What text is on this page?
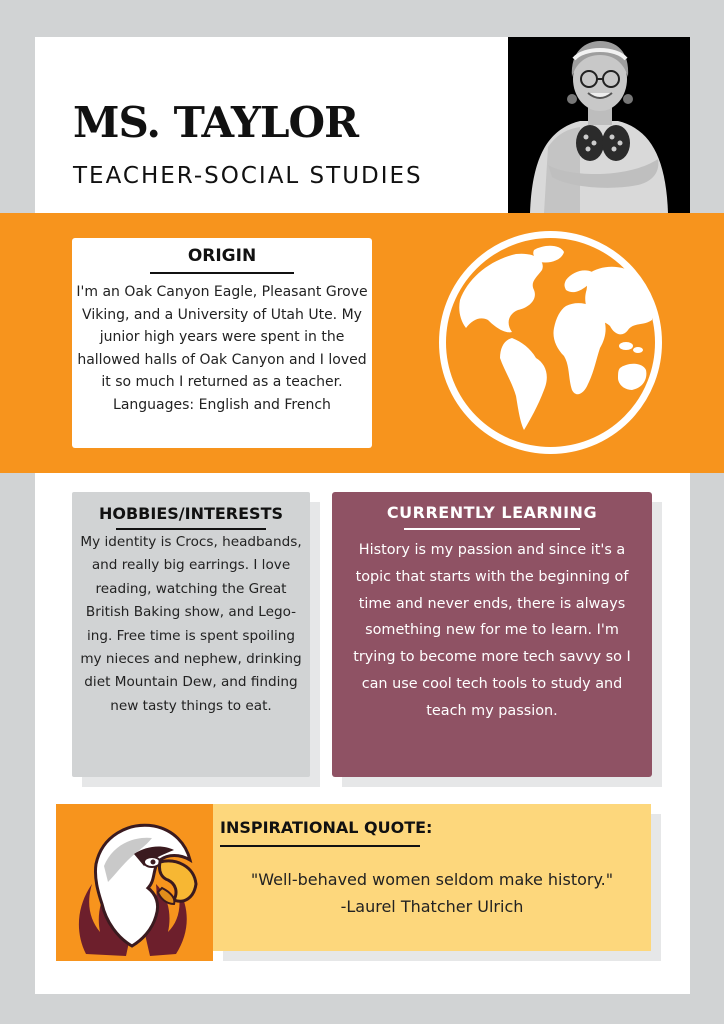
MS. TAYLOR
TEACHER-SOCIAL STUDIES
ORIGIN
I'm an Oak Canyon Eagle, Pleasant Grove Viking, and a University of Utah Ute. My junior high years were spent in the hallowed halls of Oak Canyon and I loved it so much I returned as a teacher. Languages: English and French
HOBBIES/INTERESTS
My identity is Crocs, headbands, and really big earrings. I love reading, watching the Great British Baking show, and Lego-ing. Free time is spent spoiling my nieces and nephew, drinking diet Mountain Dew, and finding new tasty things to eat.
CURRENTLY LEARNING
History is my passion and since it's a topic that starts with the beginning of time and never ends, there is always something new for me to learn. I'm trying to become more tech savvy so I can use cool tech tools to study and teach my passion.
INSPIRATIONAL QUOTE:
"Well-behaved women seldom make history."
-Laurel Thatcher Ulrich
